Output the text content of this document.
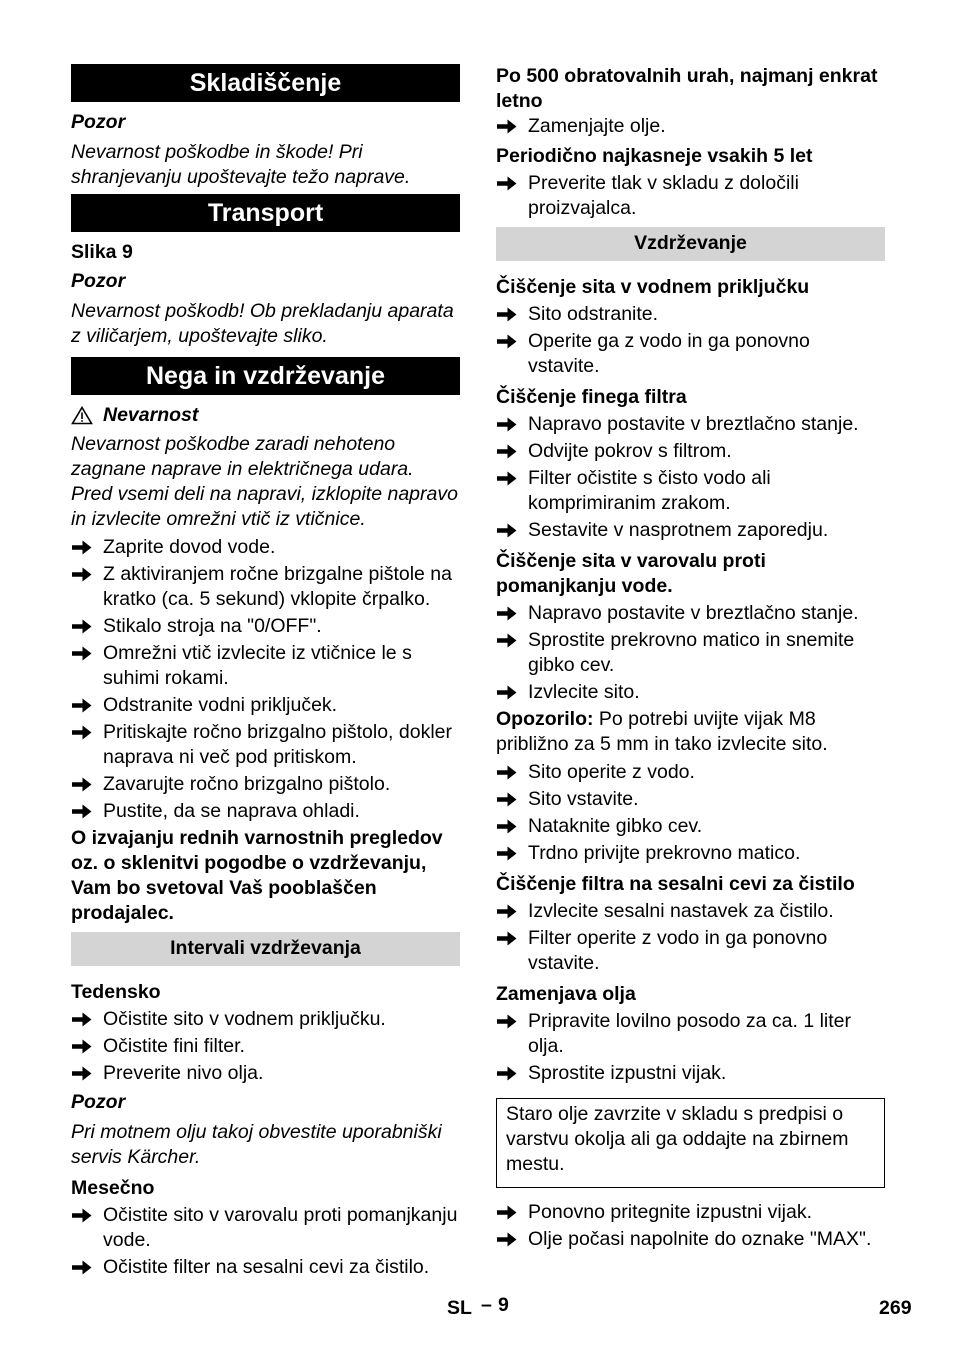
Skladiščenje
Pozor
Nevarnost poškodbe in škode! Pri shranjevanju upoštevajte težo naprave.
Transport
Slika 9
Pozor
Nevarnost poškodb! Ob prekladanju aparata z viličarjem, upoštevajte sliko.
Nega in vzdrževanje
Nevarnost
Nevarnost poškodbe zaradi nehoteno zagnane naprave in električnega udara. Pred vsemi deli na napravi, izklopite napravo in izvlecite omrežni vtič iz vtičnice.
Zaprite dovod vode.
Z aktiviranjem ročne brizgalne pištole na kratko (ca. 5 sekund) vklopite črpalko.
Stikalo stroja na "0/OFF".
Omrežni vtič izvlecite iz vtičnice le s suhimi rokami.
Odstranite vodni priključek.
Pritiskajte ročno brizgalno pištolo, dokler naprava ni več pod pritiskom.
Zavarujte ročno brizgalno pištolo.
Pustite, da se naprava ohladi.
O izvajanju rednih varnostnih pregledov oz. o sklenitvi pogodbe o vzdrževanju, Vam bo svetoval Vaš pooblaščen prodajalec.
Intervali vzdrževanja
Tedensko
Očistite sito v vodnem priključku.
Očistite fini filter.
Preverite nivo olja.
Pozor
Pri motnem olju takoj obvestite uporabniški servis Kärcher.
Mesečno
Očistite sito v varovalu proti pomanjkanju vode.
Očistite filter na sesalni cevi za čistilo.
Po 500 obratovalnih urah, najmanj enkrat letno
Zamenjajte olje.
Periodično najkasneje vsakih 5 let
Preverite tlak v skladu z določili proizvajalca.
Vzdrževanje
Čiščenje sita v vodnem priključku
Sito odstranite.
Operite ga z vodo in ga ponovno vstavite.
Čiščenje finega filtra
Napravo postavite v breztlačno stanje.
Odvijte pokrov s filtrom.
Filter očistite s čisto vodo ali komprimiranim zrakom.
Sestavite v nasprotnem zaporedju.
Čiščenje sita v varovalu proti pomanjkanju vode.
Napravo postavite v breztlačno stanje.
Sprostite prekrovno matico in snemite gibko cev.
Izvlecite sito.
Opozorilo: Po potrebi uvijte vijak M8 približno za 5 mm in tako izvlecite sito.
Sito operite z vodo.
Sito vstavite.
Nataknite gibko cev.
Trdno privijte prekrovno matico.
Čiščenje filtra na sesalni cevi za čistilo
Izvlecite sesalni nastavek za čistilo.
Filter operite z vodo in ga ponovno vstavite.
Zamenjava olja
Pripravite lovilno posodo za ca. 1 liter olja.
Sprostite izpustni vijak.
Staro olje zavrzite v skladu s predpisi o varstvu okolja ali ga oddajte na zbirnem mestu.
Ponovno pritegnite izpustni vijak.
Olje počasi napolnite do oznake "MAX".
SL – 9	269
